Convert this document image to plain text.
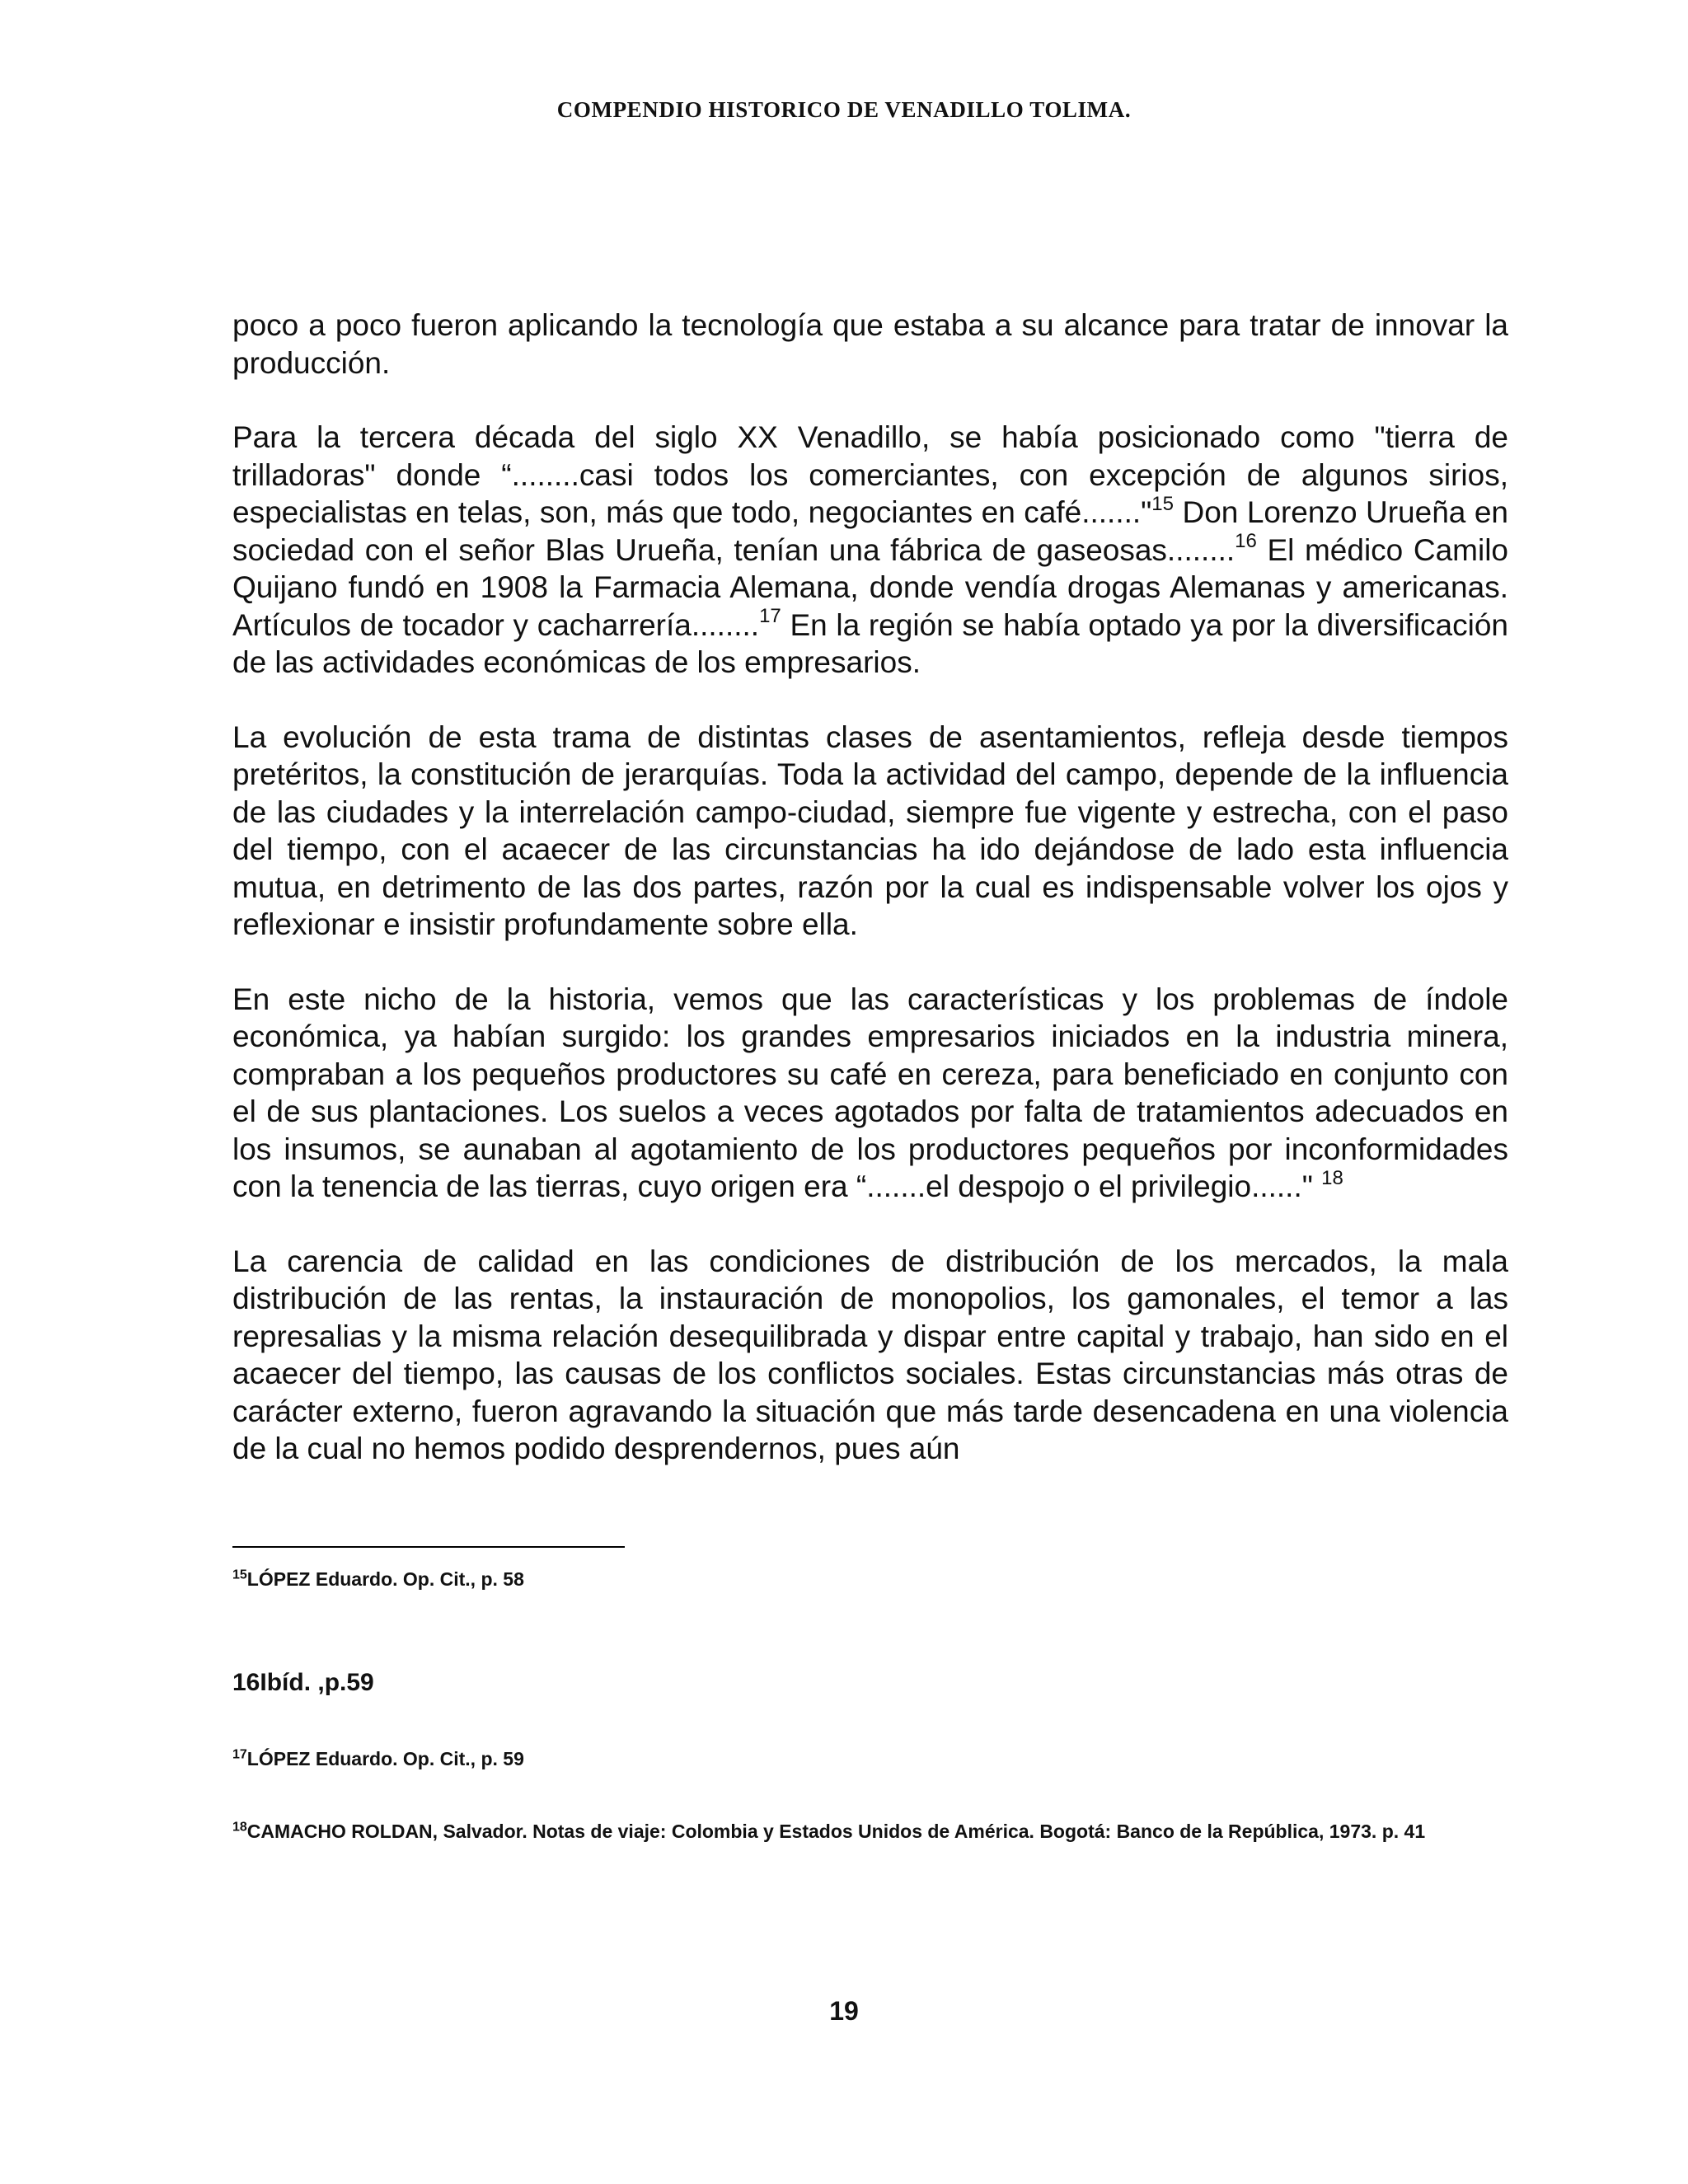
COMPENDIO HISTORICO DE VENADILLO TOLIMA.

poco a poco fueron aplicando la tecnología que estaba a su alcance para tratar de innovar la producción.

Para la tercera década del siglo XX Venadillo, se había posicionado como "tierra de trilladoras" donde “........casi todos los comerciantes, con excepción de algunos sirios, especialistas en telas, son, más que todo, negociantes en café......."$^{15}$ Don Lorenzo Urueña en sociedad con el señor Blas Urueña, tenían una fábrica de gaseosas........$^{16}$ El médico Camilo Quijano fundó en 1908 la Farmacia Alemana, donde vendía drogas Alemanas y americanas. Artículos de tocador y cacharrería........$^{17}$ En la región se había optado ya por la diversificación de las actividades económicas de los empresarios.

La evolución de esta trama de distintas clases de asentamientos, refleja desde tiempos pretéritos, la constitución de jerarquías. Toda la actividad del campo, depende de la influencia de las ciudades y la interrelación campo-ciudad, siempre fue vigente y estrecha, con el paso del tiempo, con el acaecer de las circunstancias ha ido dejándose de lado esta influencia mutua, en detrimento de las dos partes, razón por la cual es indispensable volver los ojos y reflexionar e insistir profundamente sobre ella.

En este nicho de la historia, vemos que las características y los problemas de índole económica, ya habían surgido: los grandes empresarios iniciados en la industria minera, compraban a los pequeños productores su café en cereza, para beneficiado en conjunto con el de sus plantaciones. Los suelos a veces agotados por falta de tratamientos adecuados en los insumos, se aunaban al agotamiento de los productores pequeños por inconformidades con la tenencia de las tierras, cuyo origen era “.......el despojo o el privilegio......" $^{18}$

La carencia de calidad en las condiciones de distribución de los mercados, la mala distribución de las rentas, la instauración de monopolios, los gamonales, el temor a las represalias y la misma relación desequilibrada y dispar entre capital y trabajo, han sido en el acaecer del tiempo, las causas de los conflictos sociales. Estas circunstancias más otras de carácter externo, fueron agravando la situación que más tarde desencadena en una violencia de la cual no hemos podido desprendernos, pues aún

$^{15}$LÓPEZ Eduardo. Op. Cit., p. 58

16Ibíd. ,p.59

$^{17}$LÓPEZ Eduardo. Op. Cit., p. 59

$^{18}$CAMACHO ROLDAN, Salvador. Notas de viaje: Colombia y Estados Unidos de América. Bogotá: Banco de la República, 1973. p. 41

19
